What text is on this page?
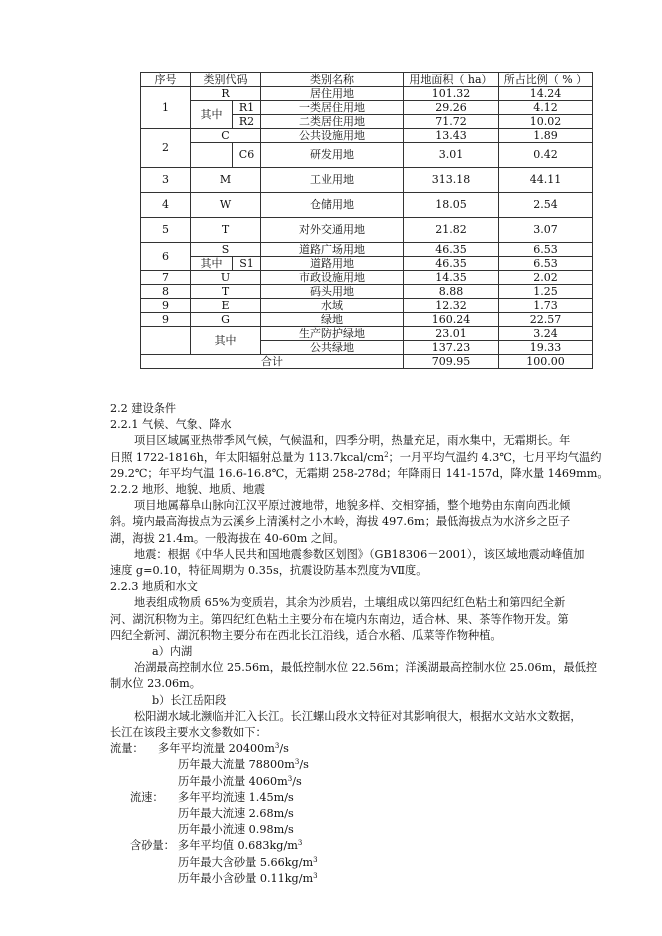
序号	类别代码		类别名称	用地面积（ ha）	所占比例（ % ）
1	R		居住用地	101.32	14.24
	其中	R1	一类居住用地	29.26	4.12
		R2	二类居住用地	71.72	10.02
2	C		公共设施用地	13.43	1.89
		C6	研发用地	3.01	0.42
3	M		工业用地	313.18	44.11
4	W		仓储用地	18.05	2.54
5	T		对外交通用地	21.82	3.07
6	S		道路广场用地	46.35	6.53
	其中	S1	道路用地	46.35	6.53
7	U		市政设施用地	14.35	2.02
8	T		码头用地	8.88	1.25
9	E		水域	12.32	1.73
9	G		绿地	160.24	22.57
	其中		生产防护绿地	23.01	3.24
			公共绿地	137.23	19.33
合计				709.95	100.00

2.2 建设条件

2.2.1 气候、气象、降水

项目区域属亚热带季风气候，气候温和，四季分明，热量充足，雨水集中，无霜期长。年

日照 1722-1816h，年太阳辐射总量为 $113.7kcal/cm^2$；一月平均气温约 4.3℃，七月平均气温约

29.2℃；年平均气温 16.6-16.8℃，无霜期 258-278d；年降雨日 141-157d，降水量 1469mm。

2.2.2 地形、地貌、地质、地震

项目地属幕阜山脉向江汉平原过渡地带，地貌多样、交相穿插，整个地势由东南向西北倾

斜。境内最高海拔点为云溪乡上清溪村之小木岭，海拔 497.6m；最低海拔点为水济乡之臣子

湖，海拔 21.4m。一般海拔在 40-60m 之间。

地震：根据《中华人民共和国地震参数区划图》（GB18306－2001），该区域地震动峰值加

速度 g=0.10，特征周期为 0.35s，抗震设防基本烈度为Ⅶ度。

2.2.3 地质和水文

地表组成物质 65%为变质岩，其余为沙质岩，土壤组成以第四纪红色粘土和第四纪全新

河、湖沉积物为主。第四纪红色粘土主要分布在境内东南边，适合林、果、茶等作物开发。第

四纪全新河、湖沉积物主要分布在西北长江沿线，适合水稻、瓜菜等作物种植。

a）内湖

冶湖最高控制水位 25.56m，最低控制水位 22.56m；洋溪湖最高控制水位 25.06m，最低控

制水位 23.06m。

b）长江岳阳段

松阳湖水域北濒临并汇入长江。长江螺山段水文特征对其影响很大，根据水文站水文数据，

长江在该段主要水文参数如下：

流量： 多年平均流量 $20400m^3/s$

历年最大流量 $78800m^3/s$

历年最小流量 $4060m^3/s$

流速： 多年平均流速 1.45m/s

历年最大流速 2.68m/s

历年最小流速 0.98m/s

含砂量： 多年平均值 $0.683kg/m^3$

历年最大含砂量 $5.66kg/m^3$

历年最小含砂量 $0.11kg/m^3$
